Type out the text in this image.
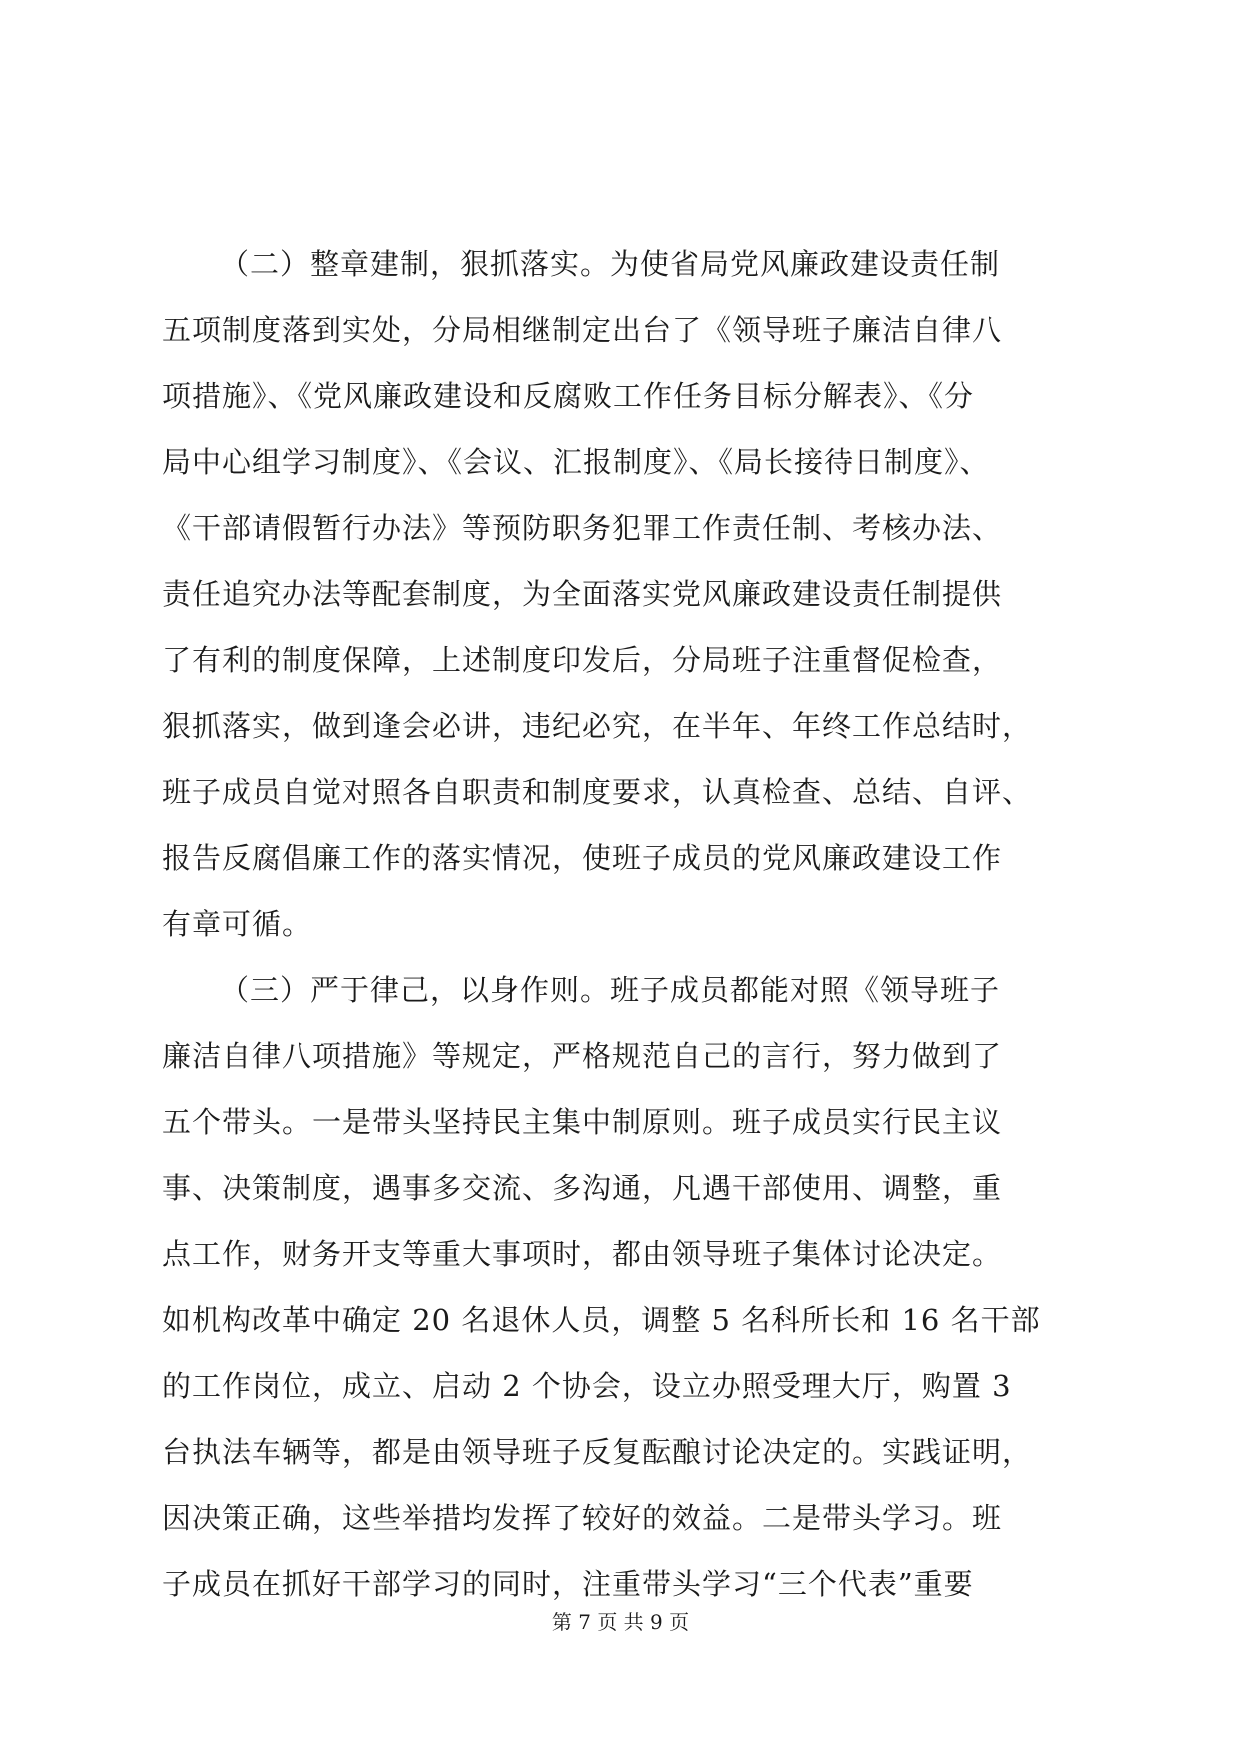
（二）整章建制，狠抓落实。为使省局党风廉政建设责任制
五项制度落到实处，分局相继制定出台了《领导班子廉洁自律八
项措施》、《党风廉政建设和反腐败工作任务目标分解表》、《分
局中心组学习制度》、《会议、汇报制度》、《局长接待日制度》、
《干部请假暂行办法》等预防职务犯罪工作责任制、考核办法、
责任追究办法等配套制度，为全面落实党风廉政建设责任制提供
了有利的制度保障，上述制度印发后，分局班子注重督促检查，
狠抓落实，做到逢会必讲，违纪必究，在半年、年终工作总结时，
班子成员自觉对照各自职责和制度要求，认真检查、总结、自评、
报告反腐倡廉工作的落实情况，使班子成员的党风廉政建设工作
有章可循。
（三）严于律己，以身作则。班子成员都能对照《领导班子
廉洁自律八项措施》等规定，严格规范自己的言行，努力做到了
五个带头。一是带头坚持民主集中制原则。班子成员实行民主议
事、决策制度，遇事多交流、多沟通，凡遇干部使用、调整，重
点工作，财务开支等重大事项时，都由领导班子集体讨论决定。
如机构改革中确定 20 名退休人员，调整 5 名科所长和 16 名干部
的工作岗位，成立、启动 2 个协会，设立办照受理大厅，购置 3
台执法车辆等，都是由领导班子反复酝酿讨论决定的。实践证明，
因决策正确，这些举措均发挥了较好的效益。二是带头学习。班
子成员在抓好干部学习的同时，注重带头学习“三个代表”重要
第 7 页 共 9 页
